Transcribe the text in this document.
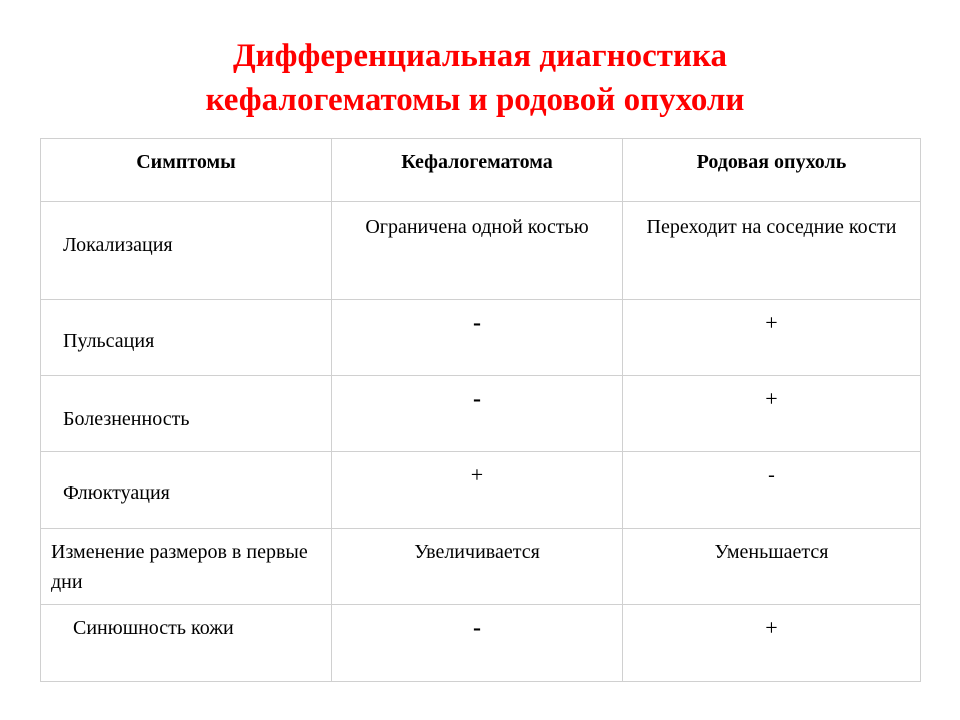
Дифференциальная диагностика
кефалогематомы и родовой опухоли
Симптомы	Кефалогематома	Родовая опухоль

Локализация	Ограничена одной костью	Переходит на соседние кости

Пульсация	-	+

Болезненность	-	+

Флюктуация	+	-

Изменение размеров в первые дни	Увеличивается	Уменьшается

Синюшность кожи	-	+
